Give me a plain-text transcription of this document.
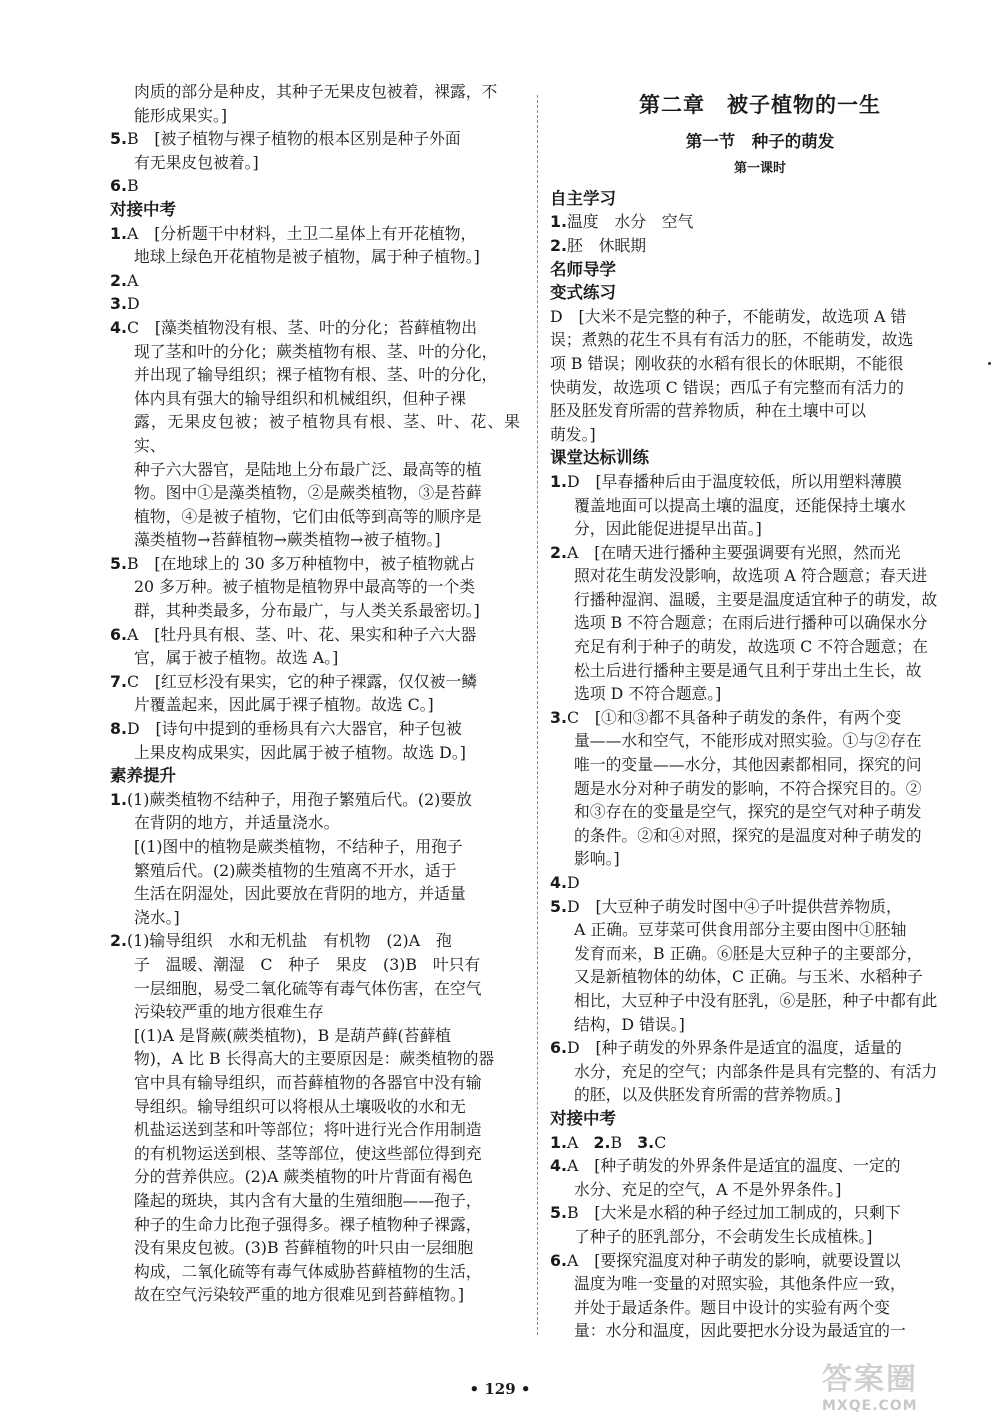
肉质的部分是种皮，其种子无果皮包被着，裸露，不
能形成果实。]
5.B　[被子植物与裸子植物的根本区别是种子外面
有无果皮包被着。]
6.B
对接中考
1.A　[分析题干中材料，土卫二星体上有开花植物，
地球上绿色开花植物是被子植物，属于种子植物。]
2.A
3.D
4.C　[藻类植物没有根、茎、叶的分化；苔藓植物出
现了茎和叶的分化；蕨类植物有根、茎、叶的分化，
并出现了输导组织；裸子植物有根、茎、叶的分化，
体内具有强大的输导组织和机械组织，但种子裸
露，无果皮包被；被子植物具有根、茎、叶、花、果实、
种子六大器官，是陆地上分布最广泛、最高等的植
物。图中①是藻类植物，②是蕨类植物，③是苔藓
植物，④是被子植物，它们由低等到高等的顺序是
藻类植物→苔藓植物→蕨类植物→被子植物。]
5.B　[在地球上的 30 多万种植物中，被子植物就占
20 多万种。被子植物是植物界中最高等的一个类
群，其种类最多，分布最广，与人类关系最密切。]
6.A　[牡丹具有根、茎、叶、花、果实和种子六大器
官，属于被子植物。故选 A。]
7.C　[红豆杉没有果实，它的种子裸露，仅仅被一鳞
片覆盖起来，因此属于裸子植物。故选 C。]
8.D　[诗句中提到的垂杨具有六大器官，种子包被
上果皮构成果实，因此属于被子植物。故选 D。]
素养提升
1.(1)蕨类植物不结种子，用孢子繁殖后代。(2)要放
在背阴的地方，并适量浇水。
[(1)图中的植物是蕨类植物，不结种子，用孢子
繁殖后代。(2)蕨类植物的生殖离不开水，适于
生活在阴湿处，因此要放在背阴的地方，并适量
浇水。]
2.(1)输导组织　水和无机盐　有机物　(2)A　孢
子　温暖、潮湿　C　种子　果皮　(3)B　叶只有
一层细胞，易受二氧化硫等有毒气体伤害，在空气
污染较严重的地方很难生存
[(1)A 是肾蕨(蕨类植物)，B 是葫芦藓(苔藓植
物)，A 比 B 长得高大的主要原因是：蕨类植物的器
官中具有输导组织，而苔藓植物的各器官中没有输
导组织。输导组织可以将根从土壤吸收的水和无
机盐运送到茎和叶等部位；将叶进行光合作用制造
的有机物运送到根、茎等部位，使这些部位得到充
分的营养供应。(2)A 蕨类植物的叶片背面有褐色
隆起的斑块，其内含有大量的生殖细胞——孢子，
种子的生命力比孢子强得多。裸子植物种子裸露，
没有果皮包被。(3)B 苔藓植物的叶只由一层细胞
构成，二氧化硫等有毒气体威胁苔藓植物的生活，
故在空气污染较严重的地方很难见到苔藓植物。]
第二章　被子植物的一生
第一节　种子的萌发
第一课时
自主学习
1.温度　水分　空气
2.胚　休眠期
名师导学
变式练习
D　[大米不是完整的种子，不能萌发，故选项 A 错
误；煮熟的花生不具有有活力的胚，不能萌发，故选
项 B 错误；刚收获的水稻有很长的休眠期，不能很
快萌发，故选项 C 错误；西瓜子有完整而有活力的
胚及胚发育所需的营养物质，种在土壤中可以
萌发。]
课堂达标训练
1.D　[早春播种后由于温度较低，所以用塑料薄膜
覆盖地面可以提高土壤的温度，还能保持土壤水
分，因此能促进提早出苗。]
2.A　[在晴天进行播种主要强调要有光照，然而光
照对花生萌发没影响，故选项 A 符合题意；春天进
行播种湿润、温暖，主要是温度适宜种子的萌发，故
选项 B 不符合题意；在雨后进行播种可以确保水分
充足有利于种子的萌发，故选项 C 不符合题意；在
松土后进行播种主要是通气且利于芽出土生长，故
选项 D 不符合题意。]
3.C　[①和③都不具备种子萌发的条件，有两个变
量——水和空气，不能形成对照实验。①与②存在
唯一的变量——水分，其他因素都相同，探究的问
题是水分对种子萌发的影响，不符合探究目的。②
和③存在的变量是空气，探究的是空气对种子萌发
的条件。②和④对照，探究的是温度对种子萌发的
影响。]
4.D
5.D　[大豆种子萌发时图中④子叶提供营养物质，
A 正确。豆芽菜可供食用部分主要由图中①胚轴
发育而来，B 正确。⑥胚是大豆种子的主要部分，
又是新植物体的幼体，C 正确。与玉米、水稻种子
相比，大豆种子中没有胚乳，⑥是胚，种子中都有此
结构，D 错误。]
6.D　[种子萌发的外界条件是适宜的温度，适量的
水分，充足的空气；内部条件是具有完整的、有活力
的胚，以及供胚发育所需的营养物质。]
对接中考
1.A 2.B 3.C
4.A　[种子萌发的外界条件是适宜的温度、一定的
水分、充足的空气，A 不是外界条件。]
5.B　[大米是水稻的种子经过加工制成的，只剩下
了种子的胚乳部分，不会萌发生长成植株。]
6.A　[要探究温度对种子萌发的影响，就要设置以
温度为唯一变量的对照实验，其他条件应一致，
并处于最适条件。题目中设计的实验有两个变
量：水分和温度，因此要把水分设为最适宜的一
• 129 •	答案圈
MXQE.COM
